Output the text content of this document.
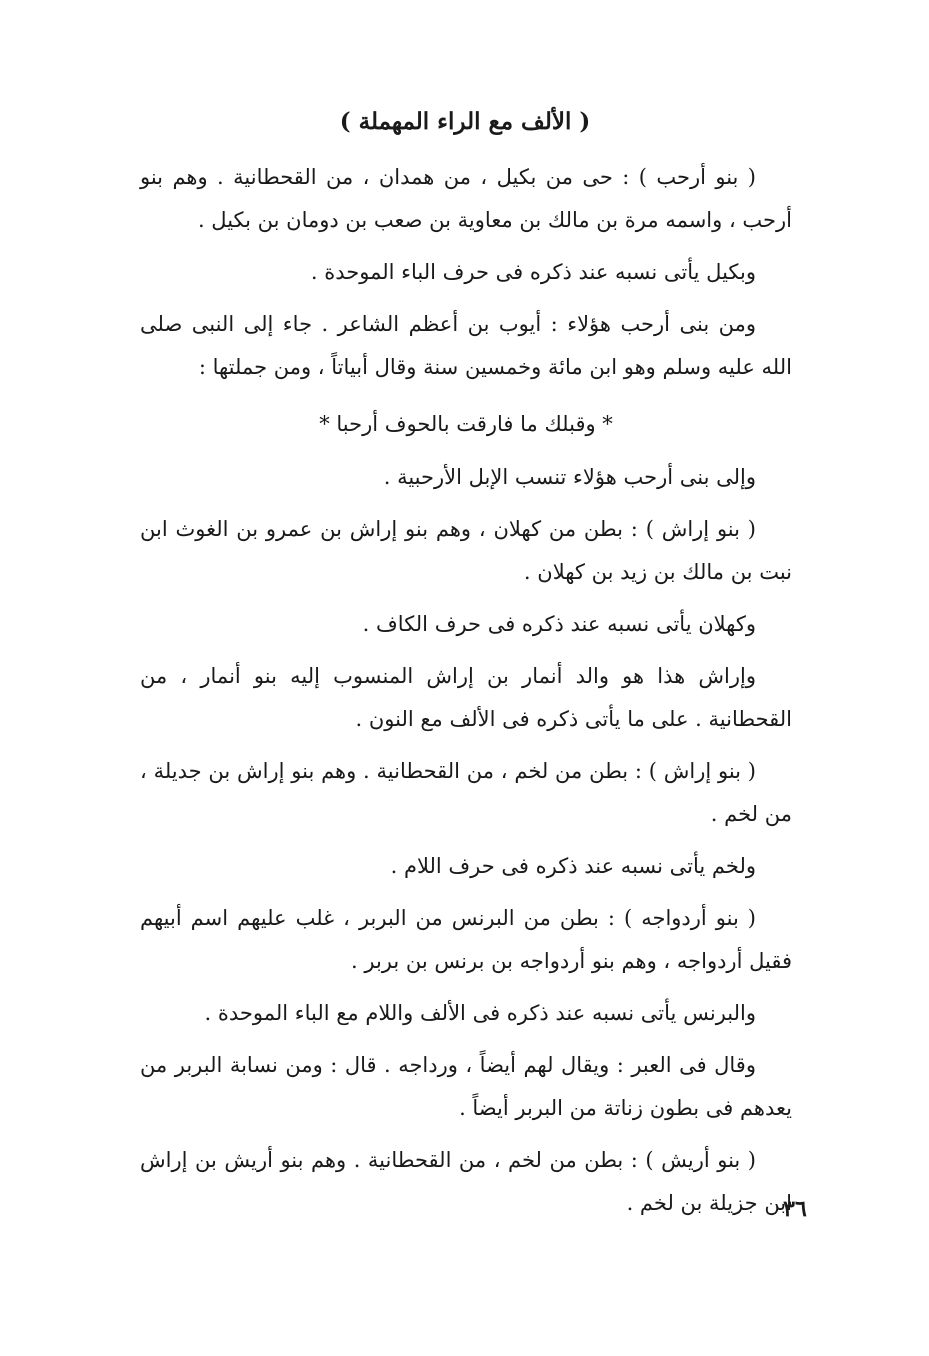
( الألف مع الراء المهملة )

( بنو أرحب ) : حى من بكيل ، من همدان ، من القحطانية . وهم بنو أرحب ، واسمه مرة بن مالك بن معاوية بن صعب بن دومان بن بكيل .

وبكيل يأتى نسبه عند ذكره فى حرف الباء الموحدة .

ومن بنى أرحب هؤلاء : أيوب بن أعظم الشاعر . جاء إلى النبى صلى الله عليه وسلم وهو ابن مائة وخمسين سنة وقال أبياتاً ، ومن جملتها :

* وقبلك ما فارقت بالحوف أرحبا *

وإلى بنى أرحب هؤلاء تنسب الإبل الأرحبية .

( بنو إراش ) : بطن من كهلان ، وهم بنو إراش بن عمرو بن الغوث ابن نبت بن مالك بن زيد بن كهلان .

وكهلان يأتى نسبه عند ذكره فى حرف الكاف .

وإراش هذا هو والد أنمار بن إراش المنسوب إليه بنو أنمار ، من القحطانية . على ما يأتى ذكره فى الألف مع النون .

( بنو إراش ) : بطن من لخم ، من القحطانية . وهم بنو إراش بن جديلة ، من لخم .

ولخم يأتى نسبه عند ذكره فى حرف اللام .

( بنو أردواجه ) : بطن من البرنس من البربر ، غلب عليهم اسم أبيهم فقيل أردواجه ، وهم بنو أردواجه بن برنس بن بربر .

والبرنس يأتى نسبه عند ذكره فى الألف واللام مع الباء الموحدة .

وقال فى العبر : ويقال لهم أيضاً ، ورداجه . قال : ومن نسابة البربر من يعدهم فى بطون زناتة من البربر أيضاً .

( بنو أريش ) : بطن من لخم ، من القحطانية . وهم بنو أريش بن إراش ابن جزيلة بن لخم .

٣٦
